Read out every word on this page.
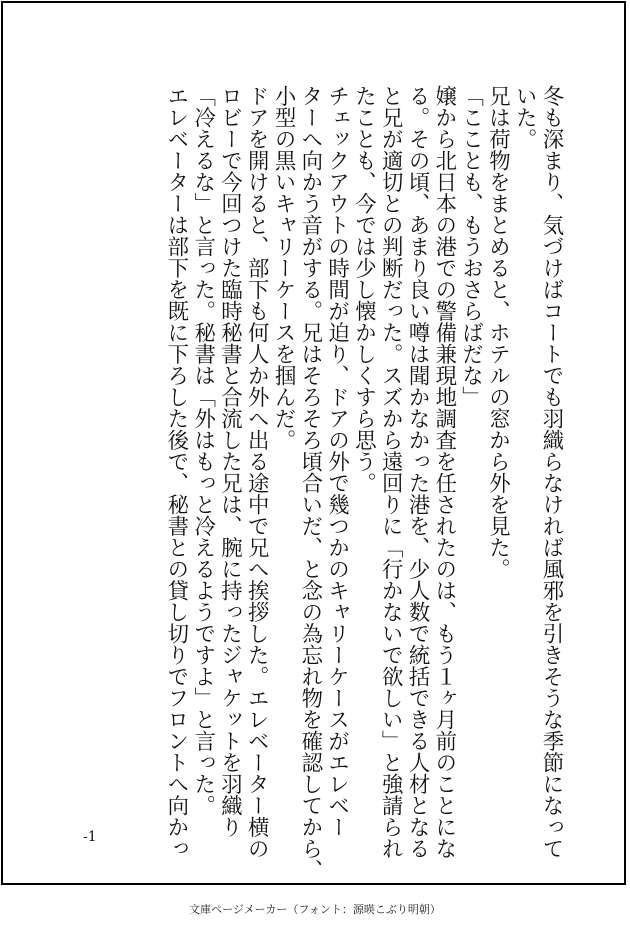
冬も深まり、気づけばコートでも羽織らなければ風邪を引きそうな季節になって
いた。
兄は荷物をまとめると、ホテルの窓から外を見た。
「こことも、もうおさらばだな」
嬢から北日本の港での警備兼現地調査を任されたのは、もう１ヶ月前のことにな
る。その頃、あまり良い噂は聞かなかった港を、少人数で統括できる人材となる
と兄が適切との判断だった。スズから遠回りに「行かないで欲しい」と強請られ
たことも、今では少し懐かしくすら思う。
チェックアウトの時間が迫り、ドアの外で幾つかのキャリーケースがエレベー
ターへ向かう音がする。兄はそろそろ頃合いだ、と念の為忘れ物を確認してから、
小型の黒いキャリーケースを掴んだ。
ドアを開けると、部下も何人か外へ出る途中で兄へ挨拶した。エレベーター横の
ロビーで今回つけた臨時秘書と合流した兄は、腕に持ったジャケットを羽織り
「冷えるな」と言った。秘書は「外はもっと冷えるようですよ」と言った。
エレベーターは部下を既に下ろした後で、秘書との貸し切りでフロントへ向かっ
-1
文庫ページメーカー（フォント：源暎こぶり明朝）
